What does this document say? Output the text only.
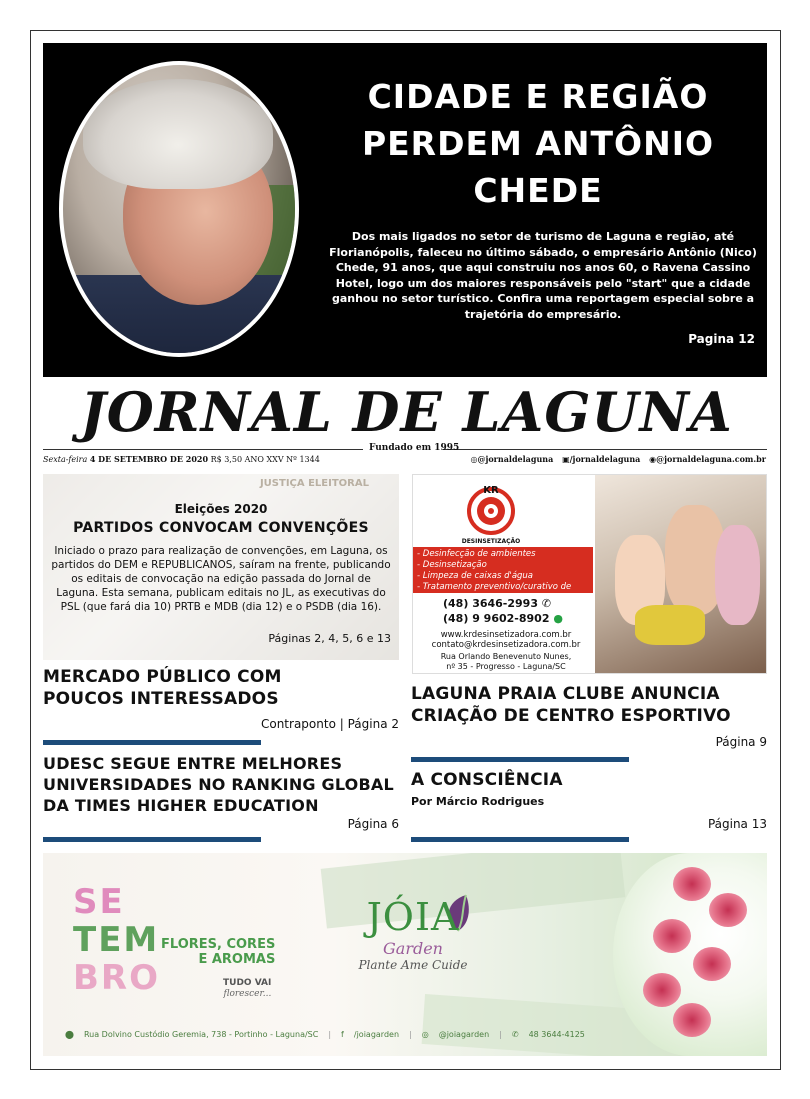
CIDADE E REGIÃO
PERDEM ANTÔNIO
CHEDE

Dos mais ligados no setor de turismo de Laguna e região, até Florianópolis, faleceu no último sábado, o empresário Antônio (Nico) Chede, 91 anos, que aqui construiu nos anos 60, o Ravena Cassino Hotel, logo um dos maiores responsáveis pelo "start" que a cidade ganhou no setor turístico. Confira uma reportagem especial sobre a trajetória do empresário.

Pagina 12
JORNAL DE LAGUNA
Fundado em 1995
Sexta-feira 4 DE SETEMBRO DE 2020 R$ 3,50 ANO XXV Nº 1344	◎@jornaldelaguna ▣/jornaldelaguna ◉@jornaldelaguna.com.br
JUSTIÇA ELEITORAL
Eleições 2020
PARTIDOS CONVOCAM CONVENÇÕES

Iniciado o prazo para realização de convenções, em Laguna, os partidos do DEM e REPUBLICANOS, saíram na frente, publicando os editais de convocação na edição passada do Jornal de Laguna. Esta semana, publicam editais no JL, as executivas do PSL (que fará dia 10) PRTB e MDB (dia 12) e o PSDB (dia 16).

Páginas 2, 4, 5, 6 e 13
KR
DESINSETIZAÇÃO
- Desinfecção de ambientes
- Desinsetização
- Limpeza de caixas d'água
- Tratamento preventivo/curativo de cupim (48) 3646-2993 ✆
(48) 9 9602-8902 ●
www.krdesinsetizadora.com.br
contato@krdesinsetizadora.com.br
Rua Orlando Benevenuto Nunes,
nº 35 - Progresso - Laguna/SC
MERCADO PÚBLICO COM
POUCOS INTERESSADOS
Contraponto | Página 2
UDESC SEGUE ENTRE MELHORES
UNIVERSIDADES NO RANKING GLOBAL
DA TIMES HIGHER EDUCATION
Página 6
LAGUNA PRAIA CLUBE ANUNCIA
CRIAÇÃO DE CENTRO ESPORTIVO
Página 9
A CONSCIÊNCIA
Por Márcio Rodrigues
Página 13
SE
TEM
BRO
FLORES, CORES
E AROMAS
TUDO VAI
florescer...
JÓIA
Garden
Plante Ame Cuide
⬤ Rua Dolvino Custódio Geremia, 738 - Portinho - Laguna/SC | f /joiagarden | ◎ @joiagarden | ✆ 48 3644-4125
